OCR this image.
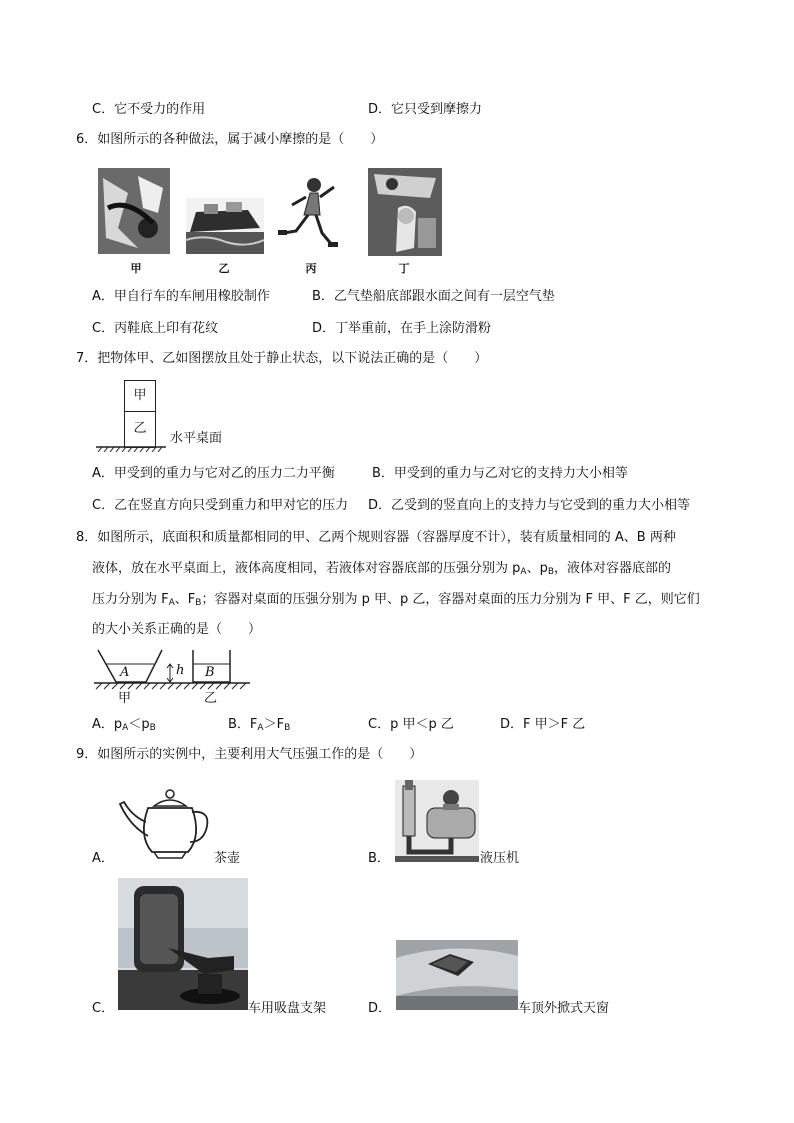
C．它不受力的作用	D．它只受到摩擦力
6．如图所示的各种做法，属于减小摩擦的是（　　）
甲	乙	丙	丁
A．甲自行车的车闸用橡胶制作	B．乙气垫船底部跟水面之间有一层空气垫
C．丙鞋底上印有花纹	D．丁举重前，在手上涂防滑粉
7．把物体甲、乙如图摆放且处于静止状态，以下说法正确的是（　　）
甲
乙
水平桌面
A．甲受到的重力与它对乙的压力二力平衡	B．甲受到的重力与乙对它的支持力大小相等
C．乙在竖直方向只受到重力和甲对它的压力 D．乙受到的竖直向上的支持力与它受到的重力大小相等
8．如图所示，底面积和质量都相同的甲、乙两个规则容器（容器厚度不计），装有质量相同的 A、B 两种
液体，放在水平桌面上，液体高度相同，若液体对容器底部的压强分别为 $p_A$、$p_B$，液体对容器底部的
压力分别为 $F_A$、$F_B$；容器对桌面的压强分别为 p 甲、p 乙，容器对桌面的压力分别为 F 甲、F 乙，则它们
的大小关系正确的是（　　）
A	h B
甲	乙
A．$p_A<p_B$	B．$F_A>F_B$	C．p 甲＜p 乙	D．F 甲＞F 乙
9．如图所示的实例中，主要利用大气压强工作的是（　　）
A．	茶壶	B．	液压机
C．	车用吸盘支架	D．	车顶外掀式天窗
